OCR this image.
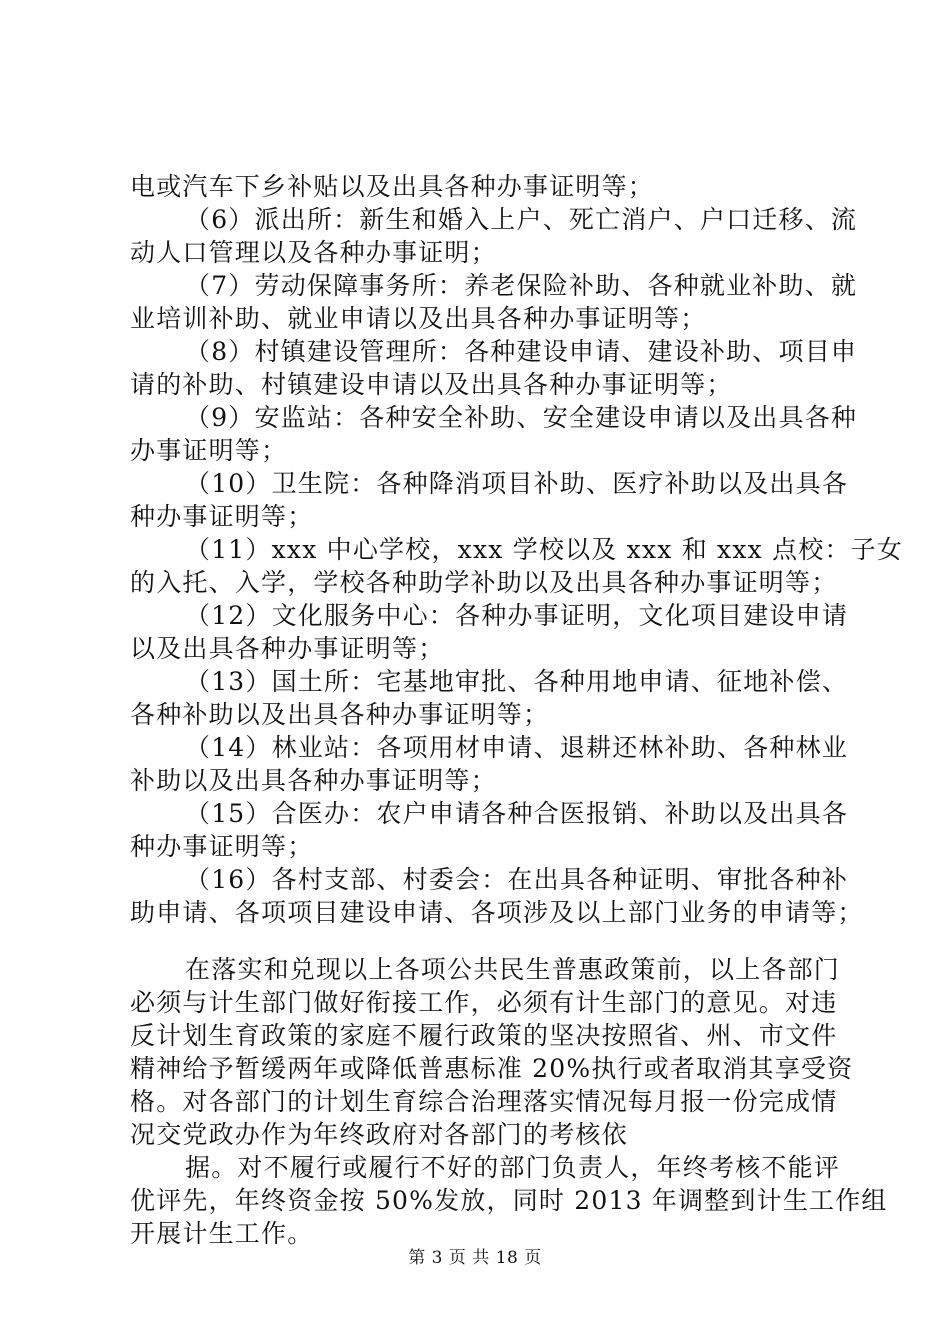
电或汽车下乡补贴以及出具各种办事证明等；
（6）派出所：新生和婚入上户、死亡消户、户口迁移、流
动人口管理以及各种办事证明；
（7）劳动保障事务所：养老保险补助、各种就业补助、就
业培训补助、就业申请以及出具各种办事证明等；
（8）村镇建设管理所：各种建设申请、建设补助、项目申
请的补助、村镇建设申请以及出具各种办事证明等；
（9）安监站：各种安全补助、安全建设申请以及出具各种
办事证明等；
（10）卫生院：各种降消项目补助、医疗补助以及出具各
种办事证明等；
（11）xxx 中心学校，xxx 学校以及 xxx 和 xxx 点校：子女
的入托、入学，学校各种助学补助以及出具各种办事证明等；
（12）文化服务中心：各种办事证明，文化项目建设申请
以及出具各种办事证明等；
（13）国土所：宅基地审批、各种用地申请、征地补偿、
各种补助以及出具各种办事证明等；
（14）林业站：各项用材申请、退耕还林补助、各种林业
补助以及出具各种办事证明等；
（15）合医办：农户申请各种合医报销、补助以及出具各
种办事证明等；
（16）各村支部、村委会：在出具各种证明、审批各种补
助申请、各项项目建设申请、各项涉及以上部门业务的申请等；
在落实和兑现以上各项公共民生普惠政策前，以上各部门
必须与计生部门做好衔接工作，必须有计生部门的意见。对违
反计划生育政策的家庭不履行政策的坚决按照省、州、市文件
精神给予暂缓两年或降低普惠标准 20%执行或者取消其享受资
格。对各部门的计划生育综合治理落实情况每月报一份完成情
况交党政办作为年终政府对各部门的考核依
据。对不履行或履行不好的部门负责人，年终考核不能评
优评先，年终资金按 50%发放，同时 2013 年调整到计生工作组
开展计生工作。
第 3 页 共 18 页
